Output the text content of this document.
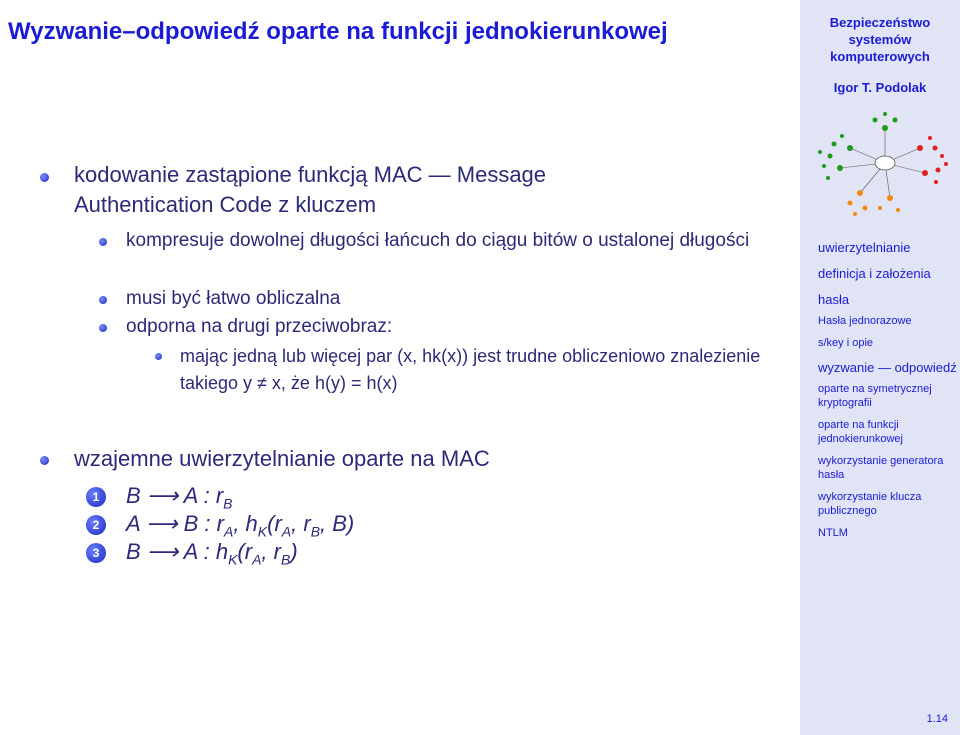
Wyzwanie–odpowiedź oparte na funkcji jednokierunkowej
kodowanie zastąpione funkcją MAC — Message Authentication Code z kluczem
kompresuje dowolnej długości łańcuch do ciągu bitów o ustalonej długości
musi być łatwo obliczalna
odporna na drugi przeciwobraz:
mając jedną lub więcej par (x, hk(x)) jest trudne obliczeniowo znalezienie takiego y ≠ x, że h(y) = h(x)
wzajemne uwierzytelnianie oparte na MAC
1	B ⟶ A : $r_B$
2	A ⟶ B : $r_A$, $h_K(r_A$, $r_B$, B)
3	B ⟶ A : $h_K(r_A$, $r_B$)
Bezpieczeństwo
systemów
komputerowych
Igor T. Podolak
uwierzytelnianie
definicja i założenia
hasła
Hasła jednorazowe
s/key i opie
wyzwanie — odpowiedź
oparte na symetrycznej kryptografii
oparte na funkcji jednokierunkowej
wykorzystanie generatora hasła
wykorzystanie klucza publicznego
NTLM
1.14
